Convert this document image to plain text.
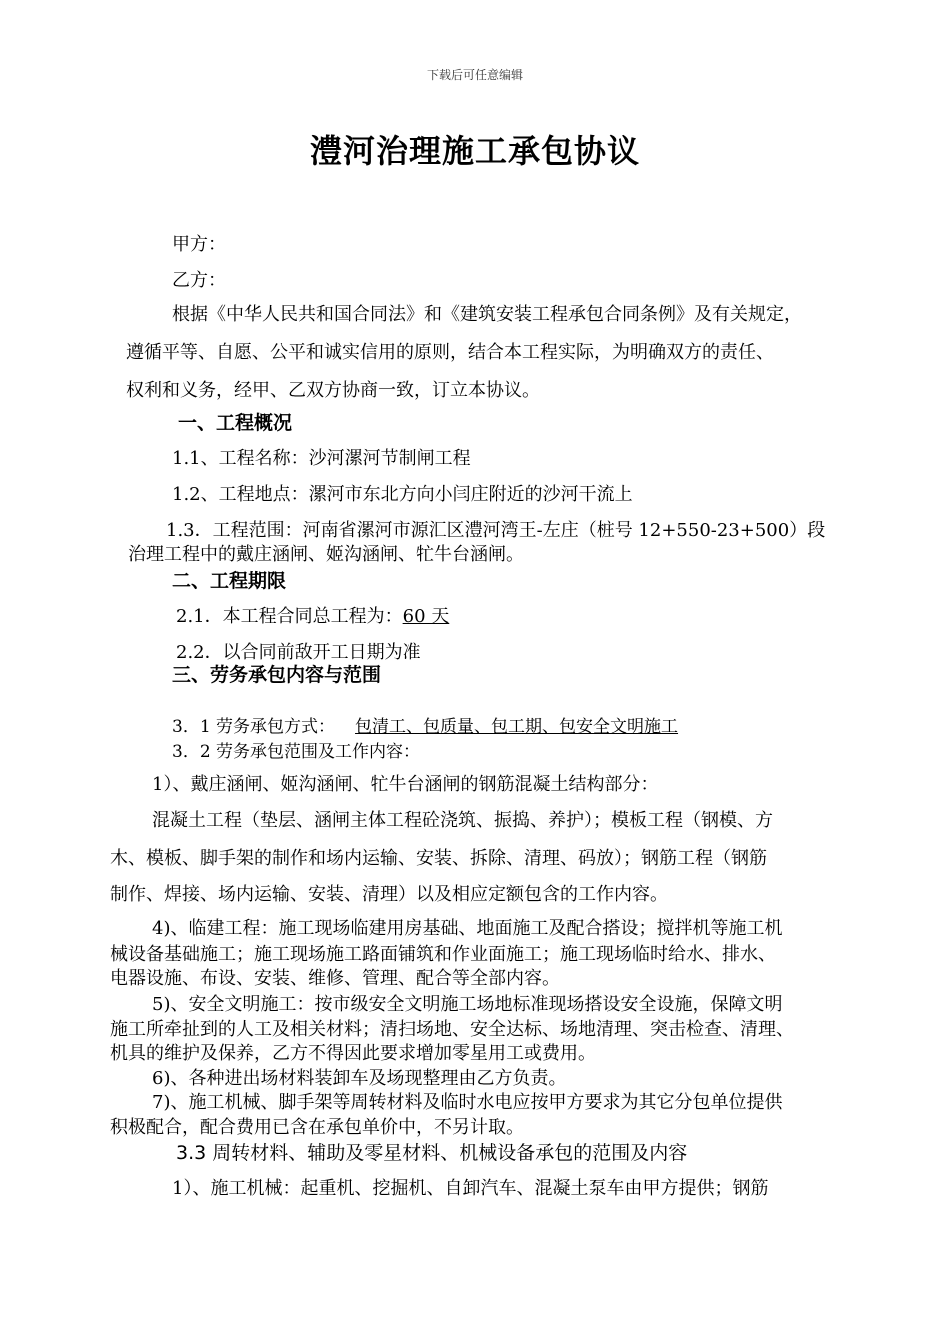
下载后可任意编辑
澧河治理施工承包协议
甲方：
乙方：
根据《中华人民共和国合同法》和《建筑安装工程承包合同条例》及有关规定，
遵循平等、自愿、公平和诚实信用的原则，结合本工程实际，为明确双方的责任、
权利和义务，经甲、乙双方协商一致，订立本协议。
一、工程概况
1.1、工程名称：沙河漯河节制闸工程
1.2、工程地点：漯河市东北方向小闫庄附近的沙河干流上
1.3．工程范围：河南省漯河市源汇区澧河湾王-左庄（桩号 12+550-23+500）段
治理工程中的戴庄涵闸、姬沟涵闸、牤牛台涵闸。
二、工程期限
2.1．本工程合同总工程为：60 天
2.2．以合同前敌开工日期为准
三、劳务承包内容与范围
3．1 劳务承包方式： 包清工、包质量、包工期、包安全文明施工
3．2 劳务承包范围及工作内容：
1）、戴庄涵闸、姬沟涵闸、牤牛台涵闸的钢筋混凝土结构部分：
混凝土工程（垫层、涵闸主体工程砼浇筑、振捣、养护）；模板工程（钢模、方
木、模板、脚手架的制作和场内运输、安装、拆除、清理、码放）；钢筋工程（钢筋
制作、焊接、场内运输、安装、清理）以及相应定额包含的工作内容。
4)、临建工程：施工现场临建用房基础、地面施工及配合搭设；搅拌机等施工机
械设备基础施工；施工现场施工路面铺筑和作业面施工；施工现场临时给水、排水、
电器设施、布设、安装、维修、管理、配合等全部内容。
5)、安全文明施工：按市级安全文明施工场地标准现场搭设安全设施，保障文明
施工所牵扯到的人工及相关材料；清扫场地、安全达标、场地清理、突击检查、清理、
机具的维护及保养，乙方不得因此要求增加零星用工或费用。
6)、各种进出场材料装卸车及场现整理由乙方负责。
7)、施工机械、脚手架等周转材料及临时水电应按甲方要求为其它分包单位提供
积极配合，配合费用已含在承包单价中，不另计取。
3.3 周转材料、辅助及零星材料、机械设备承包的范围及内容
1）、施工机械：起重机、挖掘机、自卸汽车、混凝土泵车由甲方提供；钢筋
